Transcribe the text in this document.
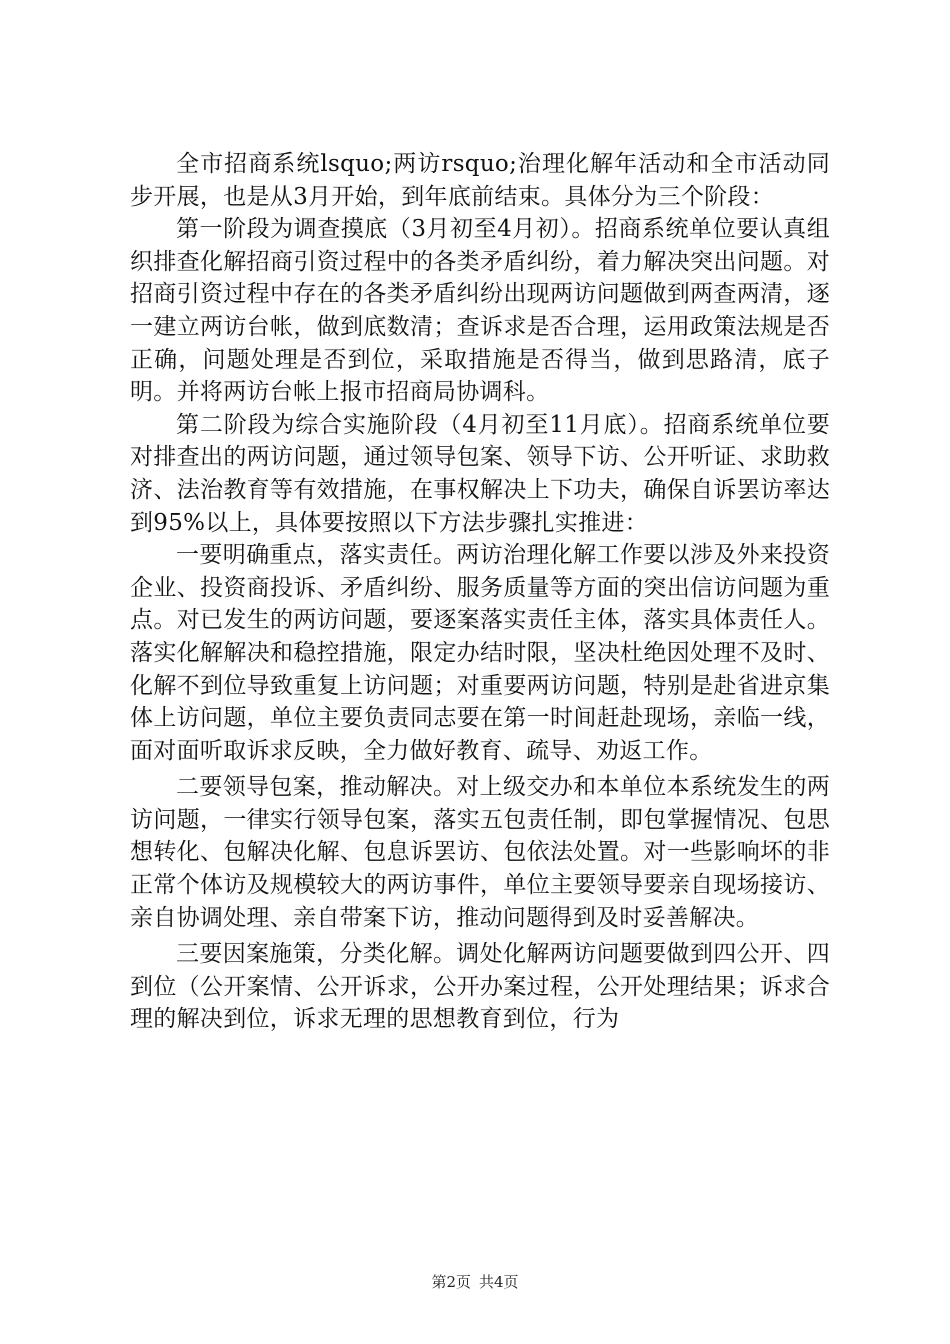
全市招商系统lsquo;两访rsquo;治理化解年活动和全市活动同步开展，也是从3月开始，到年底前结束。具体分为三个阶段：

第一阶段为调查摸底（3月初至4月初）。招商系统单位要认真组织排查化解招商引资过程中的各类矛盾纠纷，着力解决突出问题。对招商引资过程中存在的各类矛盾纠纷出现两访问题做到两查两清，逐一建立两访台帐，做到底数清；查诉求是否合理，运用政策法规是否正确，问题处理是否到位，采取措施是否得当，做到思路清，底子明。并将两访台帐上报市招商局协调科。

第二阶段为综合实施阶段（4月初至11月底）。招商系统单位要对排查出的两访问题，通过领导包案、领导下访、公开听证、求助救济、法治教育等有效措施，在事权解决上下功夫，确保自诉罢访率达到95%以上，具体要按照以下方法步骤扎实推进：

一要明确重点，落实责任。两访治理化解工作要以涉及外来投资企业、投资商投诉、矛盾纠纷、服务质量等方面的突出信访问题为重点。对已发生的两访问题，要逐案落实责任主体，落实具体责任人。落实化解解决和稳控措施，限定办结时限，坚决杜绝因处理不及时、化解不到位导致重复上访问题；对重要两访问题，特别是赴省进京集体上访问题，单位主要负责同志要在第一时间赶赴现场，亲临一线，面对面听取诉求反映，全力做好教育、疏导、劝返工作。

二要领导包案，推动解决。对上级交办和本单位本系统发生的两访问题，一律实行领导包案，落实五包责任制，即包掌握情况、包思想转化、包解决化解、包息诉罢访、包依法处置。对一些影响坏的非正常个体访及规模较大的两访事件，单位主要领导要亲自现场接访、亲自协调处理、亲自带案下访，推动问题得到及时妥善解决。

三要因案施策，分类化解。调处化解两访问题要做到四公开、四到位（公开案情、公开诉求，公开办案过程，公开处理结果；诉求合理的解决到位，诉求无理的思想教育到位，行为

第2页 共4页
